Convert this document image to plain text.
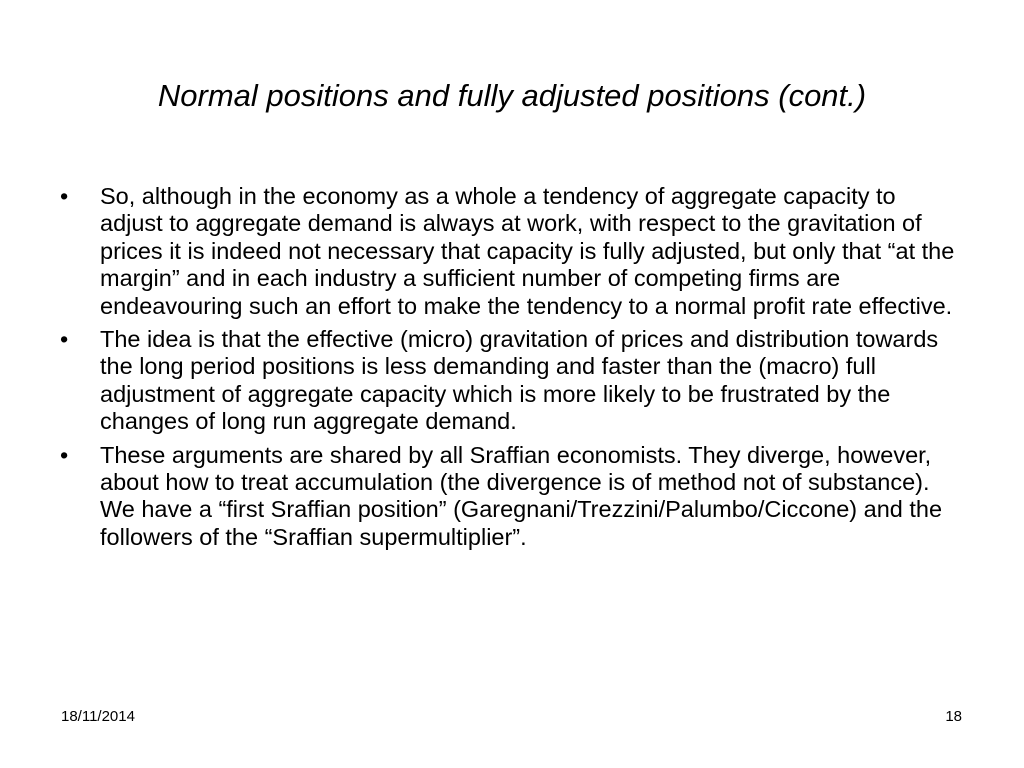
Normal positions and fully adjusted positions (cont.)
•	So, although in the economy as a whole a tendency of aggregate capacity to adjust to aggregate demand is always at work, with respect to the gravitation of prices it is indeed not necessary that capacity is fully adjusted, but only that “at the margin” and in each industry a sufficient number of competing firms are endeavouring such an effort to make the tendency to a normal profit rate effective.
•	The idea is that the effective (micro) gravitation of prices and distribution towards the long period positions is less demanding and faster than the (macro) full adjustment of aggregate capacity which is more likely to be frustrated by the changes of long run aggregate demand.
•	These arguments are shared by all Sraffian economists. They diverge, however, about how to treat accumulation (the divergence is of method not of substance). We have a “first Sraffian position” (Garegnani/Trezzini/Palumbo/Ciccone) and the followers of the “Sraffian supermultiplier”.
18/11/2014	18
